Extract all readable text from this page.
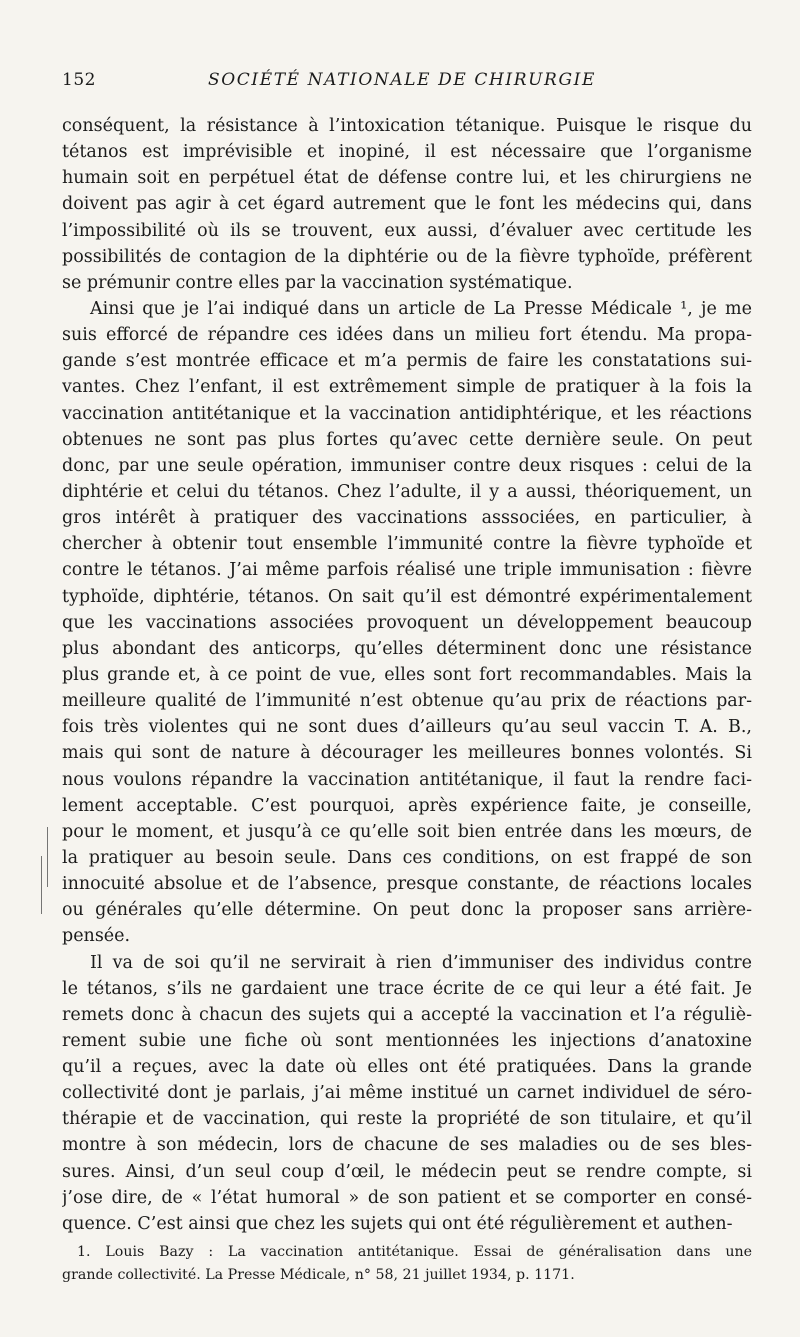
152	SOCIÉTÉ NATIONALE DE CHIRURGIE
conséquent, la résistance à l’intoxication tétanique. Puisque le risque du
tétanos est imprévisible et inopiné, il est nécessaire que l’organisme
humain soit en perpétuel état de défense contre lui, et les chirurgiens ne
doivent pas agir à cet égard autrement que le font les médecins qui, dans
l’impossibilité où ils se trouvent, eux aussi, d’évaluer avec certitude les
possibilités de contagion de la diphtérie ou de la fièvre typhoïde, préfèrent
se prémunir contre elles par la vaccination systématique.
Ainsi que je l’ai indiqué dans un article de La Presse Médicale ¹, je me
suis efforcé de répandre ces idées dans un milieu fort étendu. Ma propa-
gande s’est montrée efficace et m’a permis de faire les constatations sui-
vantes. Chez l’enfant, il est extrêmement simple de pratiquer à la fois la
vaccination antitétanique et la vaccination antidiphtérique, et les réactions
obtenues ne sont pas plus fortes qu’avec cette dernière seule. On peut
donc, par une seule opération, immuniser contre deux risques : celui de la
diphtérie et celui du tétanos. Chez l’adulte, il y a aussi, théoriquement, un
gros intérêt à pratiquer des vaccinations asssociées, en particulier, à
chercher à obtenir tout ensemble l’immunité contre la fièvre typhoïde et
contre le tétanos. J’ai même parfois réalisé une triple immunisation : fièvre
typhoïde, diphtérie, tétanos. On sait qu’il est démontré expérimentalement
que les vaccinations associées provoquent un développement beaucoup
plus abondant des anticorps, qu’elles déterminent donc une résistance
plus grande et, à ce point de vue, elles sont fort recommandables. Mais la
meilleure qualité de l’immunité n’est obtenue qu’au prix de réactions par-
fois très violentes qui ne sont dues d’ailleurs qu’au seul vaccin T. A. B.,
mais qui sont de nature à décourager les meilleures bonnes volontés. Si
nous voulons répandre la vaccination antitétanique, il faut la rendre faci-
lement acceptable. C’est pourquoi, après expérience faite, je conseille,
pour le moment, et jusqu’à ce qu’elle soit bien entrée dans les mœurs, de
la pratiquer au besoin seule. Dans ces conditions, on est frappé de son
innocuité absolue et de l’absence, presque constante, de réactions locales
ou générales qu’elle détermine. On peut donc la proposer sans arrière-
pensée.
Il va de soi qu’il ne servirait à rien d’immuniser des individus contre
le tétanos, s’ils ne gardaient une trace écrite de ce qui leur a été fait. Je
remets donc à chacun des sujets qui a accepté la vaccination et l’a réguliè-
rement subie une fiche où sont mentionnées les injections d’anatoxine
qu’il a reçues, avec la date où elles ont été pratiquées. Dans la grande
collectivité dont je parlais, j’ai même institué un carnet individuel de séro-
thérapie et de vaccination, qui reste la propriété de son titulaire, et qu’il
montre à son médecin, lors de chacune de ses maladies ou de ses bles-
sures. Ainsi, d’un seul coup d’œil, le médecin peut se rendre compte, si
j’ose dire, de « l’état humoral » de son patient et se comporter en consé-
quence. C’est ainsi que chez les sujets qui ont été régulièrement et authen-
1. Louis Bazy : La vaccination antitétanique. Essai de généralisation dans une
grande collectivité. La Presse Médicale, n° 58, 21 juillet 1934, p. 1171.
